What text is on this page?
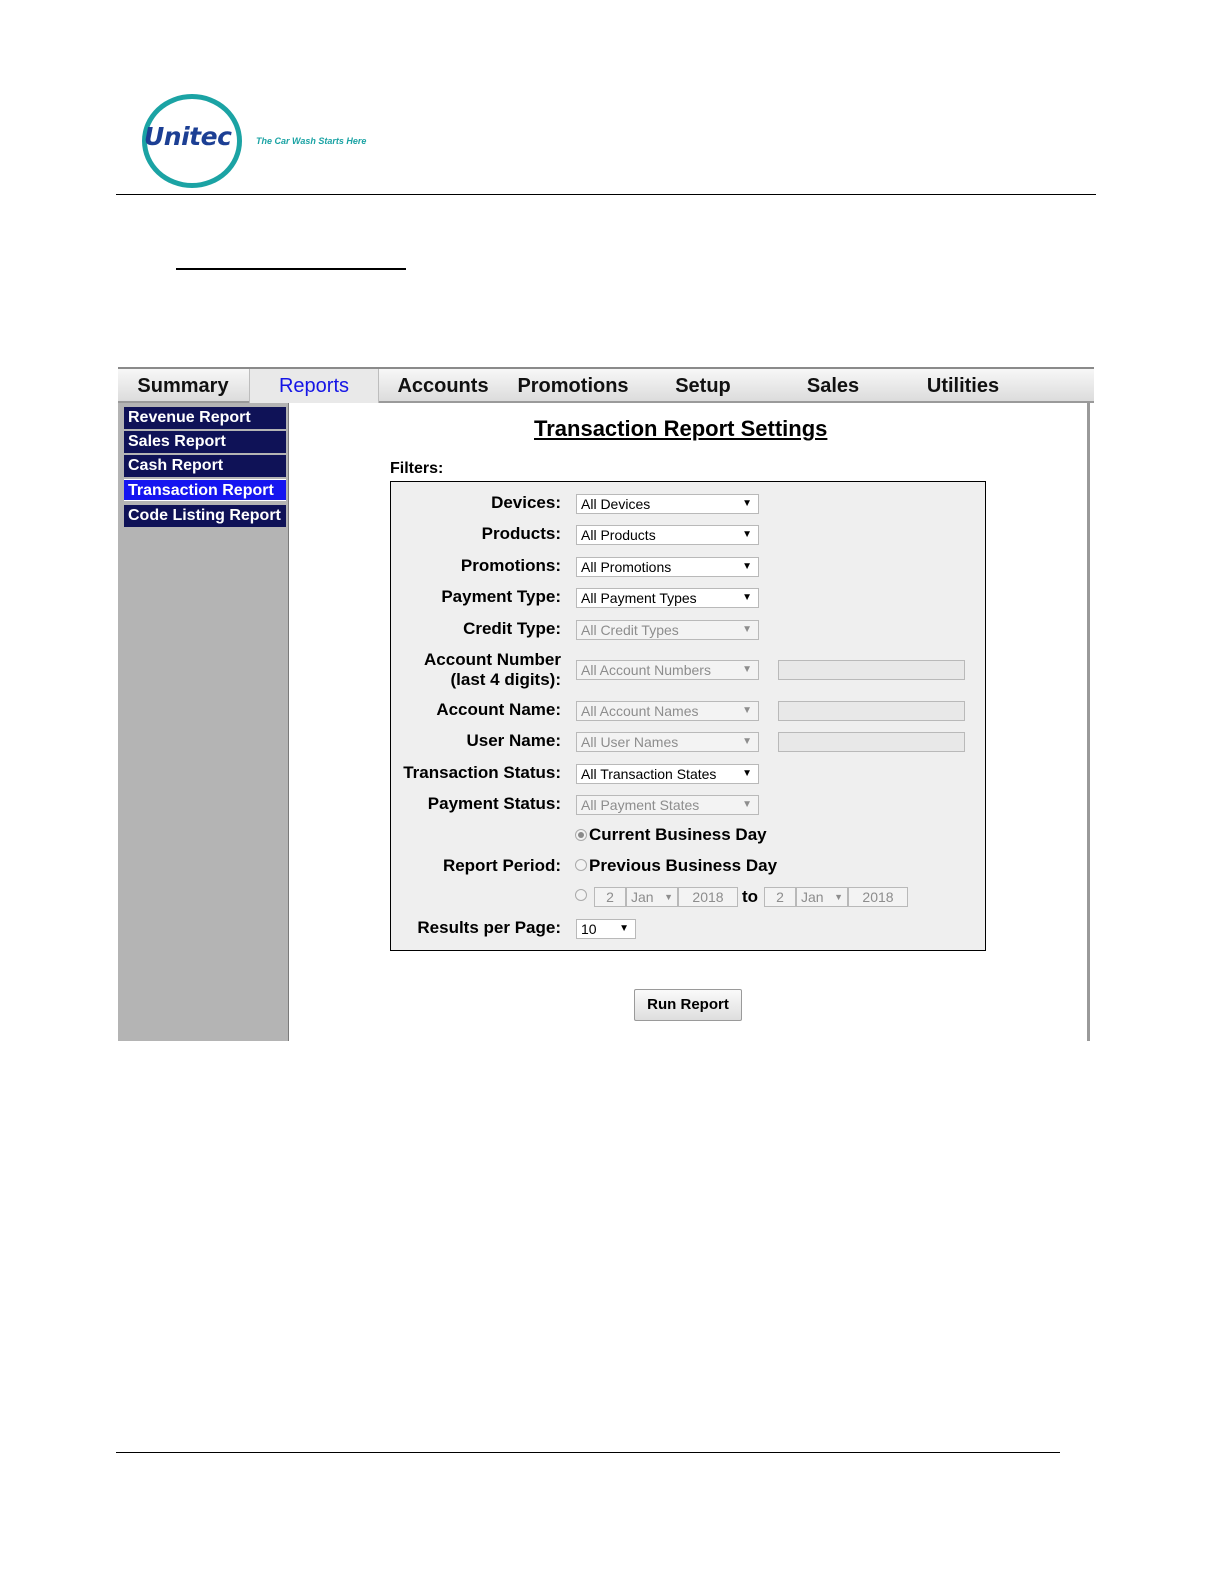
Unitec	The Car Wash Starts Here
Summary	Reports	Accounts	Promotions	Setup	Sales	Utilities
Revenue Report
Sales Report
Cash Report
Transaction Report
Code Listing Report
Transaction Report Settings
Filters:
Devices:	All Devices	▼
Products:	All Products	▼
Promotions:	All Promotions	▼
Payment Type:	All Payment Types	▼
Credit Type:	All Credit Types	▼
Account Number
(last 4 digits):	All Account Numbers	▼
Account Name:	All Account Names	▼
User Name:	All User Names	▼
Transaction Status:	All Transaction States	▼
Payment Status:	All Payment States	▼
Current Business Day
Report Period: Previous Business Day
2	Jan ▼	2018	to	2	Jan ▼	2018
Results per Page:	10 ▼
Run Report
